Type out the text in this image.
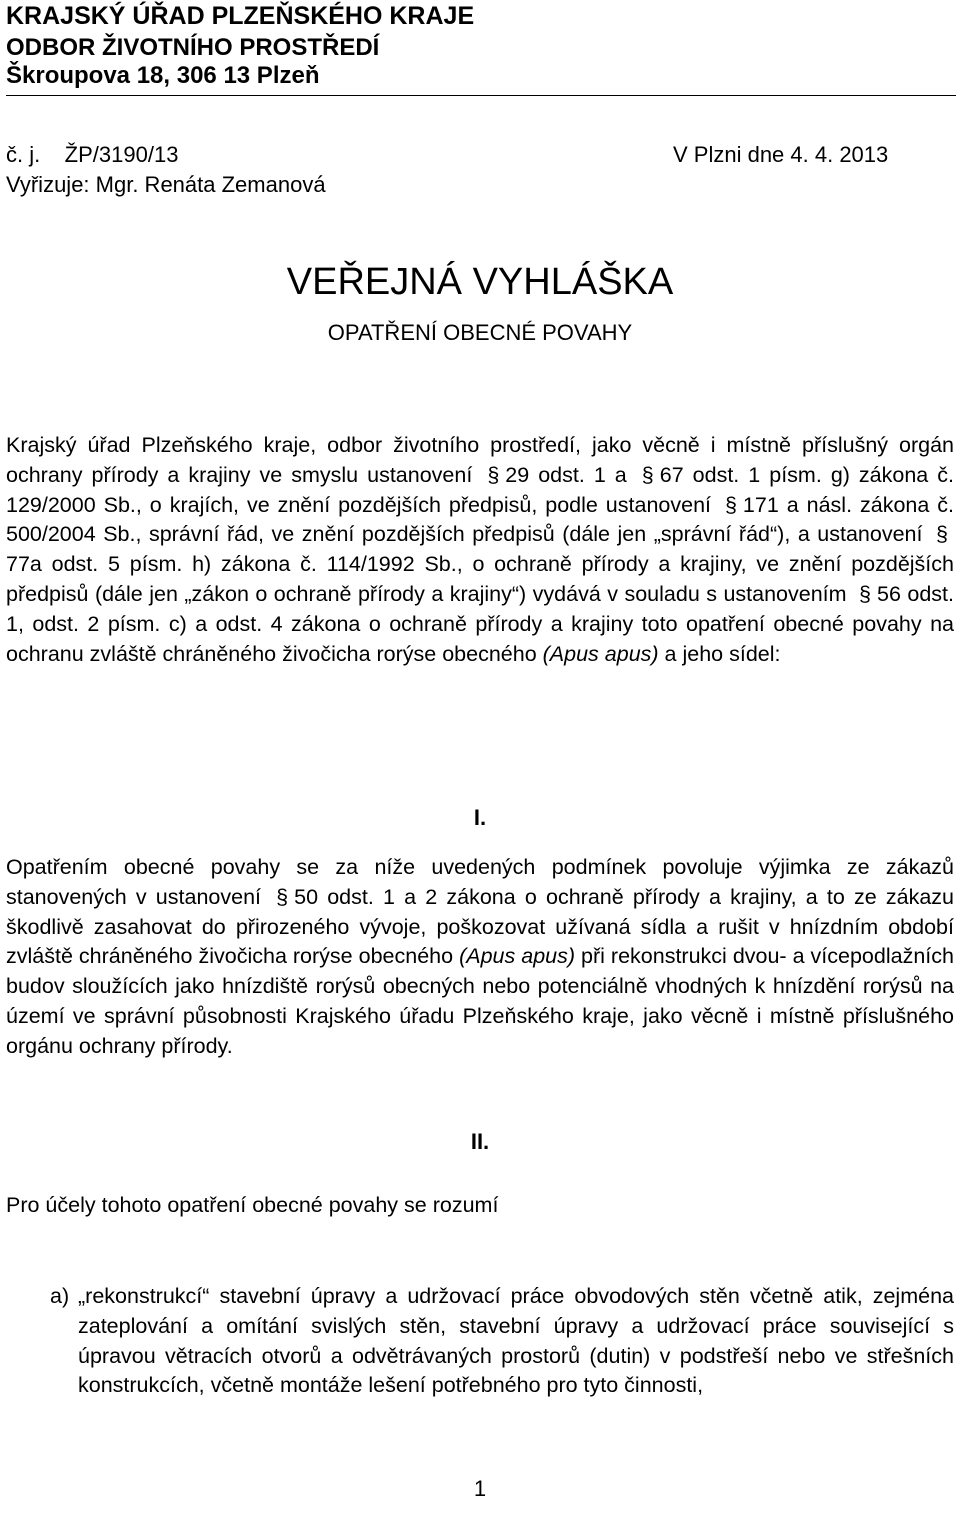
KRAJSKÝ ÚŘAD PLZEŇSKÉHO KRAJE
ODBOR ŽIVOTNÍHO PROSTŘEDÍ
Škroupova 18, 306 13 Plzeň
č. j.    ŽP/3190/13	V Plzni dne 4. 4. 2013
Vyřizuje: Mgr. Renáta Zemanová
VEŘEJNÁ VYHLÁŠKA
OPATŘENÍ OBECNÉ POVAHY

Krajský úřad Plzeňského kraje, odbor životního prostředí, jako věcně i místně příslušný orgán ochrany přírody a krajiny ve smyslu ustanovení § 29 odst. 1 a § 67 odst. 1 písm. g) zákona č. 129/2000 Sb., o krajích, ve znění pozdějších předpisů, podle ustanovení § 171 a násl. zákona č. 500/2004 Sb., správní řád, ve znění pozdějších předpisů (dále jen „správní řád“), a ustanovení §77a odst. 5 písm. h) zákona č. 114/1992 Sb., o ochraně přírody a krajiny, ve znění pozdějších předpisů (dále jen „zákon o ochraně přírody a krajiny“) vydává v souladu s ustanovením § 56 odst. 1, odst. 2 písm. c) a odst. 4 zákona o ochraně přírody a krajiny toto opatření obecné povahy na ochranu zvláště chráněného živočicha rorýse obecného (Apus apus) a jeho sídel:

I.

Opatřením obecné povahy se za níže uvedených podmínek povoluje výjimka ze zákazů stanovených v ustanovení § 50 odst. 1 a 2 zákona o ochraně přírody a krajiny, a to ze zákazu škodlivě zasahovat do přirozeného vývoje, poškozovat užívaná sídla a rušit v hnízdním období zvláště chráněného živočicha rorýse obecného (Apus apus) při rekonstrukci dvou- a vícepodlažních budov sloužících jako hnízdiště rorýsů obecných nebo potenciálně vhodných k hnízdění rorýsů na území ve správní působnosti Krajského úřadu Plzeňského kraje, jako věcně i místně příslušného orgánu ochrany přírody.

II.

Pro účely tohoto opatření obecné povahy se rozumí

a) „rekonstrukcí“ stavební úpravy a udržovací práce obvodových stěn včetně atik, zejména zateplování a omítání svislých stěn, stavební úpravy a udržovací práce související s úpravou větracích otvorů a odvětrávaných prostorů (dutin) v podstřeší nebo ve střešních konstrukcích, včetně montáže lešení potřebného pro tyto činnosti,

1
